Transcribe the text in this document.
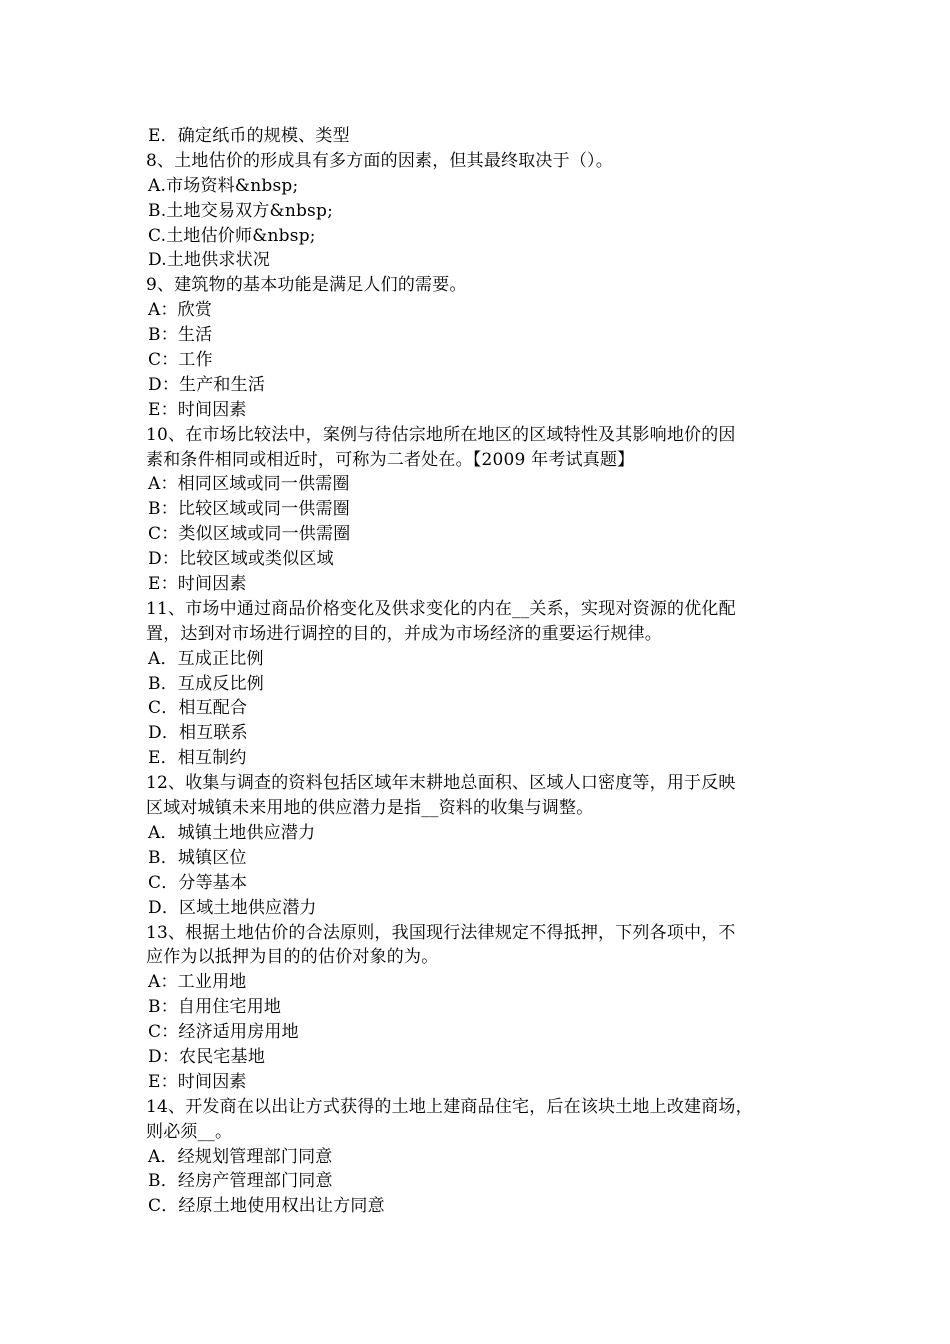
E．确定纸币的规模、类型
8、土地估价的形成具有多方面的因素，但其最终取决于（）。
A.市场资料&nbsp;
B.土地交易双方&nbsp;
C.土地估价师&nbsp;
D.土地供求状况
9、建筑物的基本功能是满足人们的需要。
A：欣赏
B：生活
C：工作
D：生产和生活
E：时间因素
10、在市场比较法中，案例与待估宗地所在地区的区域特性及其影响地价的因
素和条件相同或相近时，可称为二者处在。【2009 年考试真题】
A：相同区域或同一供需圈
B：比较区域或同一供需圈
C：类似区域或同一供需圈
D：比较区域或类似区域
E：时间因素
11、市场中通过商品价格变化及供求变化的内在__关系，实现对资源的优化配
置，达到对市场进行调控的目的，并成为市场经济的重要运行规律。
A．互成正比例
B．互成反比例
C．相互配合
D．相互联系
E．相互制约
12、收集与调查的资料包括区域年末耕地总面积、区域人口密度等，用于反映
区域对城镇未来用地的供应潜力是指__资料的收集与调整。
A．城镇土地供应潜力
B．城镇区位
C．分等基本
D．区域土地供应潜力
13、根据土地估价的合法原则，我国现行法律规定不得抵押，下列各项中，不
应作为以抵押为目的的估价对象的为。
A：工业用地
B：自用住宅用地
C：经济适用房用地
D：农民宅基地
E：时间因素
14、开发商在以出让方式获得的土地上建商品住宅，后在该块土地上改建商场，
则必须__。
A．经规划管理部门同意
B．经房产管理部门同意
C．经原土地使用权出让方同意
